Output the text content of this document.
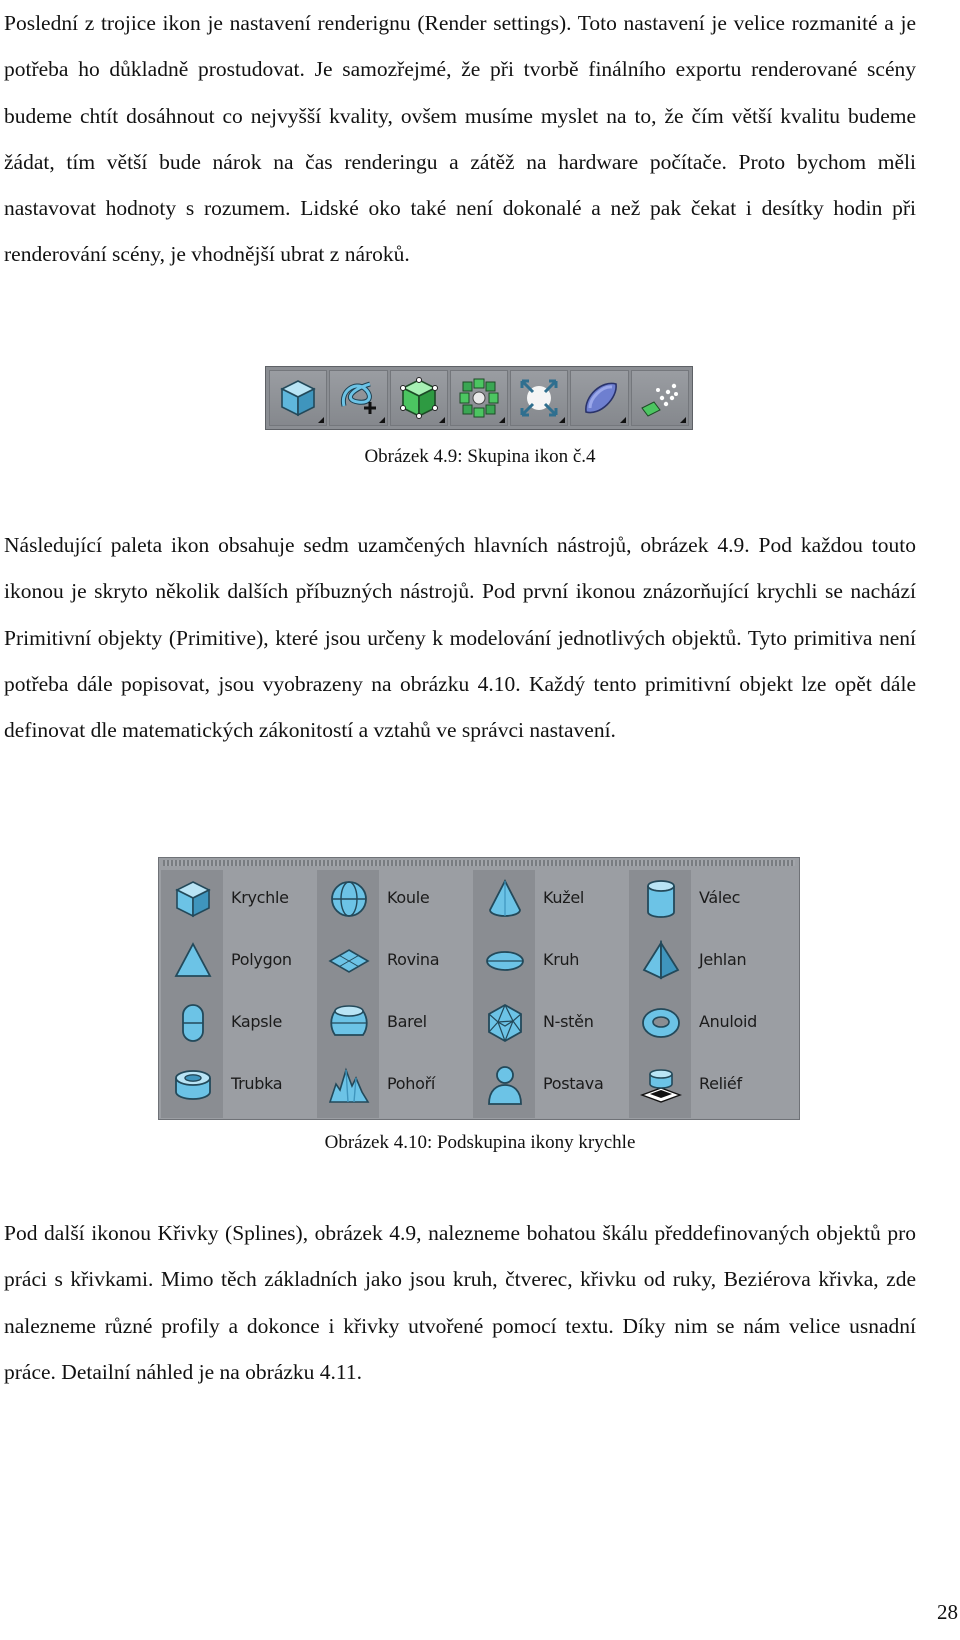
Poslední z trojice ikon je nastavení renderignu (Render settings). Toto nastavení je velice rozmanité a je potřeba ho důkladně prostudovat. Je samozřejmé, že při tvorbě finálního exportu renderované scény budeme chtít dosáhnout co nejvyšší kvality, ovšem musíme myslet na to, že čím větší kvalitu budeme žádat, tím větší bude nárok na čas renderingu a zátěž na hardware počítače. Proto bychom měli nastavovat hodnoty s rozumem. Lidské oko také není dokonalé a než pak čekat i desítky hodin při renderování scény, je vhodnější ubrat z nároků.

Obrázek 4.9: Skupina ikon č.4

Následující paleta ikon obsahuje sedm uzamčených hlavních nástrojů, obrázek 4.9. Pod každou touto ikonou je skryto několik dalších příbuzných nástrojů. Pod první ikonou znázorňující krychli se nachází Primitivní objekty (Primitive), které jsou určeny k modelování jednotlivých objektů. Tyto primitiva není potřeba dále popisovat, jsou vyobrazeny na obrázku 4.10. Každý tento primitivní objekt lze opět dále definovat dle matematických zákonitostí a vztahů ve správci nastavení.

Krychle
Polygon
Kapsle
Trubka
Koule
Rovina
Barel
Pohoří
Kužel
Kruh
N-stěn
Postava
Válec
Jehlan
Anuloid
Reliéf

Obrázek 4.10: Podskupina ikony krychle

Pod další ikonou Křivky (Splines), obrázek 4.9, nalezneme bohatou škálu předdefinovaných objektů pro práci s křivkami. Mimo těch základních jako jsou kruh, čtverec, křivku od ruky, Beziérova křivka, zde nalezneme různé profily a dokonce i křivky utvořené pomocí textu. Díky nim se nám velice usnadní práce. Detailní náhled je na obrázku 4.11.

28
